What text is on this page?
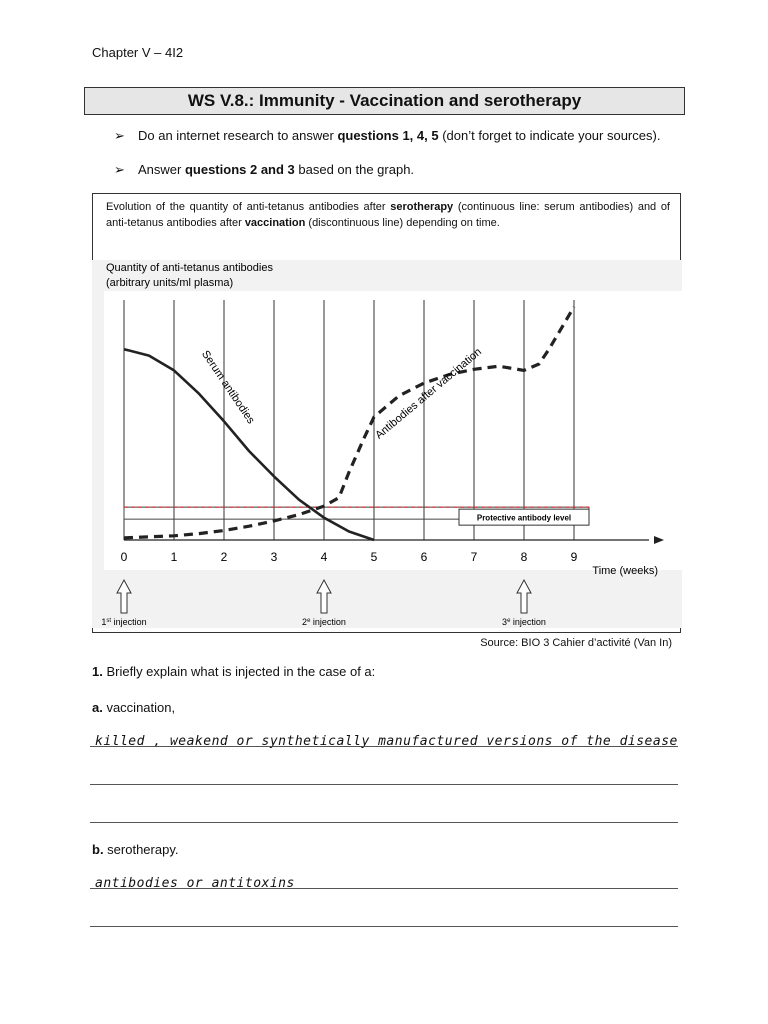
Chapter V – 4I2
WS V.8.: Immunity - Vaccination and serotherapy
➢ Do an internet research to answer questions 1, 4, 5 (don’t forget to indicate your sources).
➢ Answer questions 2 and 3 based on the graph.
Evolution of the quantity of anti-tetanus antibodies after serotherapy (continuous line: serum antibodies) and of anti-tetanus antibodies after vaccination (discontinuous line) depending on time.
Quantity of anti-tetanus antibodies
(arbitrary units/ml plasma)
Protective antibody level
0	1	2	3	4	5	6	7	8	9
1st injection	2e injection	3e injection
Serum antibodies	Antibodies after vaccination
Time (weeks)
Source: BIO 3 Cahier d’activité (Van In)
1. Briefly explain what is injected in the case of a:
a. vaccination,
killed , weakend or synthetically manufactured versions of the disease
b. serotherapy.
antibodies or antitoxins
